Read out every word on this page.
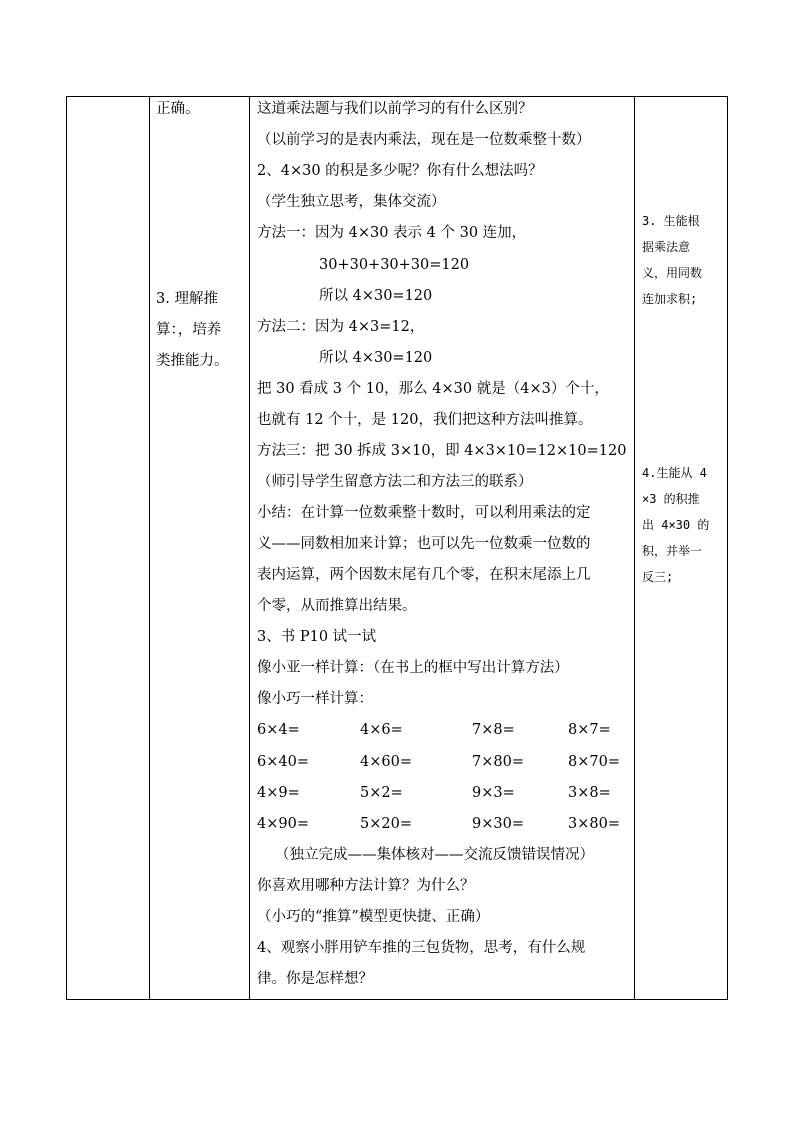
正确。
3. 理解推
算：，培养
类推能力。
这道乘法题与我们以前学习的有什么区别？
（以前学习的是表内乘法，现在是一位数乘整十数）
2、4×30 的积是多少呢？你有什么想法吗？
（学生独立思考，集体交流）
方法一：因为 4×30 表示 4 个 30 连加，
30+30+30+30=120
所以 4×30=120
方法二：因为 4×3=12，
所以 4×30=120
把 30 看成 3 个 10，那么 4×30 就是（4×3）个十，
也就有 12 个十，是 120，我们把这种方法叫推算。
方法三：把 30 拆成 3×10，即 4×3×10=12×10=120
（师引导学生留意方法二和方法三的联系）
小结：在计算一位数乘整十数时，可以利用乘法的定
义——同数相加来计算；也可以先一位数乘一位数的
表内运算，两个因数末尾有几个零，在积末尾添上几
个零，从而推算出结果。
3、书 P10 试一试
像小亚一样计算：（在书上的框中写出计算方法）
像小巧一样计算：
6×4=	4×6=	7×8=	8×7=
6×40=	4×60=	7×80=	8×70=
4×9=	5×2=	9×3=	3×8=
4×90=	5×20=	9×30=	3×80=
（独立完成——集体核对——交流反馈错误情况）
你喜欢用哪种方法计算？为什么？
（小巧的“推算”模型更快捷、正确）
4、观察小胖用铲车推的三包货物，思考，有什么规
律。你是怎样想？
3. 生能根
据乘法意
义，用同数
连加求积;
4.生能从 4
×3 的积推
出 4×30 的
积，并举一
反三;
